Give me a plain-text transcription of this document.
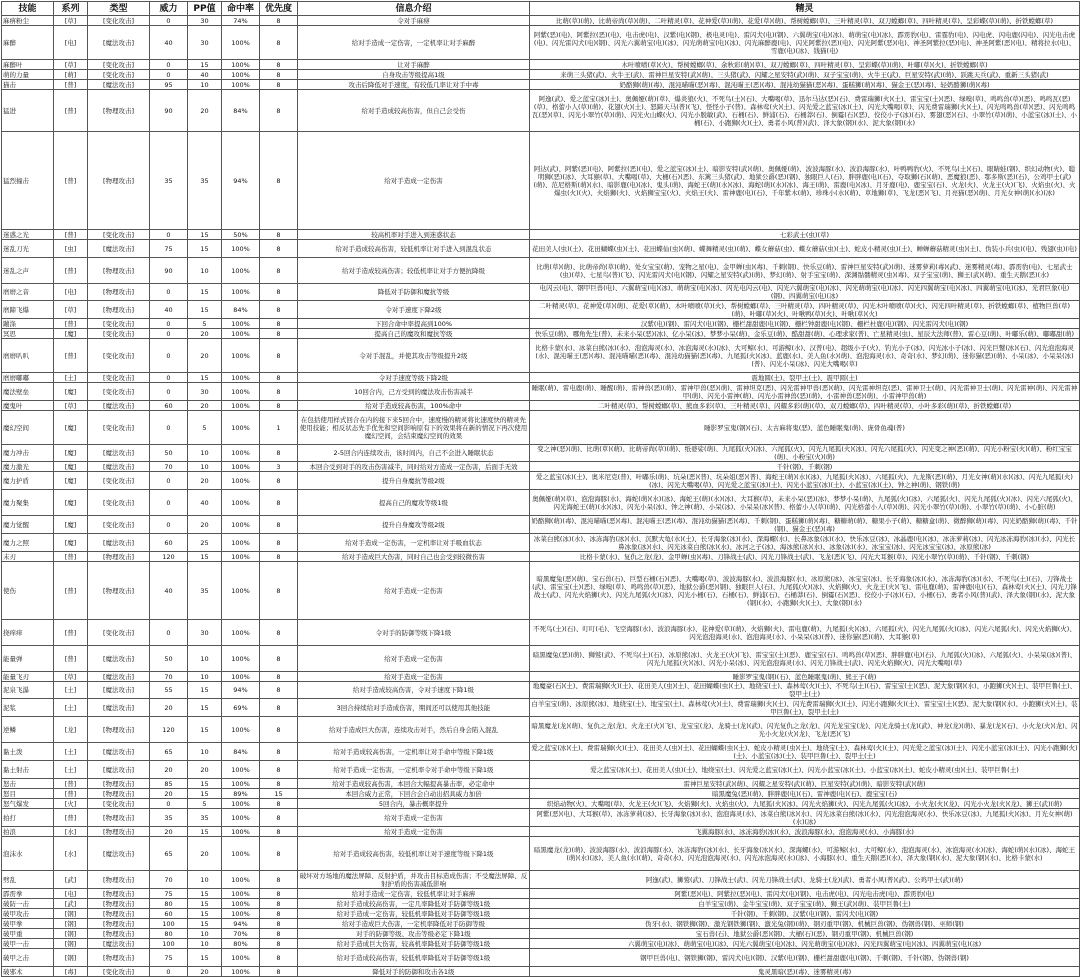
技能	系列	类型	威力	PP值	命中率	优先度	信息介绍	精灵
麻痹粉尘	[草]	[变化攻击]	0	30	74%	8	令对手麻痹	比萌(草)(萌)、比萌帝尚(草)(萌)、二叶精灵(草)、花神爱(草)(萌)、花爱(草)(萌)、帮树螳螂(草)、三叶精灵(草)、双刀螳螂(草)、四叶精灵(草)、呈彩蝶(草)(萌)、折铁螳螂(草)
麻醉	[电]	[魔法攻击]	40	30	100%	8	给对手造成一定伤害，一定机率让对手麻醉	阿紫(恶)(电)、阿紫拉(恶)(电)、电击虎(电)、汉紫(电)(钢)、极电灵(电)、雷闪犬(电)(钢)、六翼萌宝(电)(冰)、萌萌宝(电)(冰)、霹雳豹(电)、雷霆豹(电)、闪电虎、闪电鹿(闪电)、闪光电击虎(电)、闪光雷闪犬(电)(钢)、闪光六翼萌宝(电)(冰)、闪光萌萌宝(电)(冰)、闪光麻醉鹿(电)、闪光阿紫拉(恶)(电)、闪光阿紫(恶)(电)、神圣阿紫拉(恶)(电)、神圣阿紫(恶)(电)、精将拉水(电)、雪鹿(电)(冰)、钱猫(电)
麻醉叶	[草]	[变化攻击]	0	15	100%	8	让对手麻醉	木叶喷喷(草)(火)、帮树螳螂(草)、余秋彩(萌)(草)、双刀螳螂(草)、四叶精灵(草)、呈彩蝶(草)(萌)、叶嘟(草)(火)、折铁螳螂(草)
萌的力量	[萌]	[变化攻击]	0	40	100%	8	自身攻击等级提高1级	来萌三头猪(武)、火牛王(武)、雷神巨星安特(武)(萌)、三头猪(武)、闪耀之星安特(武)(萌)、双子宝宝(萌)、火牛王(武)、巨星安特(武)(萌)、跃跳天兵(武)、重新三头猪(武)
猫击	[普]	[魔法攻击]	95	10	100%	8	攻击后降低对手速度，有较低几率让对手中毒	奶酪狮(萌)(毒)、混沌喵喵(恶)(毒)、混沌喵王(恶)(毒)、混沌幼猫猫(恶)(毒)、蛋糕狮(萌)(毒)、猫金王(恶)(毒)、轻奶酪狮(萌)(毒)
猛进	[普]	[物理攻击]	90	20	84%	8	给对手造成较高伤害，但自己会受伤	阿逸(武)、爱之蓝宝(冰)(土)、奥佩娅(萌)(草)、爆炎狼(火)、不死鸟(土)(石)、大嘴喝(草)、迅尔马达(恶)(石)、费雷瑞狮(火)(土)、雷宝宝(土)(恶)、绿嗅(草)、鸣鸣兽(草)(恶)、鸣鸣瓦(恶)(草)、格蕾小人(草)(萌)、花翅(火)(土)、怒蹄天马(普)(飞)、怪怪小子(普)、森林莺(火)(土)、闪光爱之蓝宝(冰)(土)、闪光大嘴喝(草)、闪光费雷瑞狮(火)(土)、闪光鸣鸣兽(草)(恶)、闪光鸣鸣瓦(恶)(草)、闪光小翠竹(草)(萌)、闪光火山蝶(火)、闪光小脱敏(武)、石桶(石)、鲜浦(石)、石桶莽(石)、倒霉(石)(恶)、佼佼小子(冰)(石)、雾翅(恶)(石)、小翠竹(草)(萌)、小蓝宝(冰)(土)、小桶(石)、小跑狮(火)(土)、勇者小风(普)(武)、泽大象(钢)(水)、泥大象(钢)(水)
猛烈撞击	[普]	[物理攻击]	35	35	94%	8	给对手造成一定伤害	阿达(武)、阿紫(恶)(电)、阿紫拉(恶)(电)、爱之蓝宝(冰)(土)、暗影安特(武)(萌)、奥佩娅(萌)、波波海豚(水)、波浪海豚(水)、叶鸭鸭豹(火)、不死鸟(土)(石)、眼睛蛙(钢)、织幻动物(火)、聪明狮(恶)(冰)、大耳猴(草)、大嘴喝(草)、大桶(石)(恶)、东篱三头猪(武)、地狱公爵(恶)(钢)、独眼巨人(石)、胖胖鹿(电)(石)、夺取狮(石)(萌)、恶魔狼(恶)、鄂多斯(恶)(石)、公鸡甲士(武)(萌)、范尼格斯(萌)(水)、暗影鹿(电)(冰)、鬼头(萌)、海蛇王(萌)(水)(冰)、海蛇(萌)(水)(冰)、海王(萌)、雷鹿(电)(冰)、月牙鹿(电)、鹿宝宝(石)、火龙(火)、火龙王(火)(飞)、火焰虫(火)、火爆虫(火)(火)、火焰狮(火)、火焰狮宝宝(火)、火焰王(火)、雷神鹿(电)(石)、千年紫木(萌)、珍珠小(水)(萌)、草地狮(草)、飞龙(恶)(飞)、月亮猫(恶)(萌)、月光女神(萌)(水)(冰)
迷惑之光	[普]	[变化攻击]	0	15	50%	8	较高机率对手进入到迷惑状态	七彩武士(虫)(草)
迷乱刀光	[虫]	[魔法攻击]	75	15	100%	8	给对手造成较高伤害，较低机率让对手进入到混乱状态	花田美人(虫)(土)、花田蝴蝶(虫)(土)、花田蝶仙(虫)(萌)、蝶舞精灵(虫)(萌)、蝶女蘑菇(虫)、蝶女蘑菇(虫)(土)、蛇皮小精灵(虫)(土)、蝉蝉蘑菇精灵(虫)(土)、伪装小兵(虫)(电)、残翅(虫)(电)
迷乱之声	[普]	[物理攻击]	90	10	100%	8	给对手造成较高伤害；较低机率让对手方便抗降级	比萌(草)(萌)、比萌帝尚(草)(萌)、处女宝宝(萌)、宠物之星(电)、金甲蝉(虫)(毒)、千刺(钢)、快乐豆(萌)、雷神巨星安特(武)(萌)、迷雾萝莉(毒)(武)、迷雾精灵(毒)、霹雳豹(电)、七星武士(虫)(草)、七星鸟(普)(飞)、闪光雷闪犬(电)(钢)、闪耀之星安特(武)(萌)、梦幻(萌)、射手宝宝(萌)、深渊骷髅精灵(虫)(毒)、双子宝宝(萌)、狮王(武)(萌)、重生天鹅(恶)(水)
磨磨之音	[电]	[物理攻击]	0	15	100%	8	降低对手防御和魔抗等级	电闪云(电)、钢甲巨兽(电)、六翼萌宝(电)(冰)、萌萌宝(电)(冰)、闪光电闪云(电)、闪光六翼萌宝(电)(冰)、闪光萌萌宝(电)(冰)、闪光四翼萌宝(电)(冰)、四翼萌宝(电)(冰)、光君巨象(电)(钢)、四翼萌宝(电)(冰)
磨蹄飞爆	[草]	[物理攻击]	40	15	84%	8	令对手速度下降2级	二叶精灵(草)、花神爱(草)(萌)、花爱(草)(萌)、木叶喷喷(草)(火)、帮树螳螂(草)、三叶精灵(草)、四叶精灵(草)、闪光木叶喷喷(草)(火)、闪光四叶精灵(草)、折铁螳螂(草)、植物巨兽(草)(萌)、叶嘟(草)(火)、叶啾鸭(草)(火)、叶啾(草)(火)
蹦涤	[普]	[变化攻击]	0	5	100%	8	下回合命中率提高到100%	汉紫(电)(钢)、雷闪犬(电)(钢)、栅栏甜甜鹿(电)(钢)、栅栏钟甜鹿(电)(钢)、栅栏杜鹿(电)(钢)、闪光雷闪犬(电)(钢)
冥思	[魔]	[变化攻击]	0	20	100%	8	提高自己的魔攻和魔抗等级	快乐豆(萌)、哪角先生(普)、未来小呆(恶)(冰)、亿小呆(冰)、梦梦小呆(萌)、金乐豆(萌)、酷甜甜(萌)、心理求家(普)、亡星精灵(虫)、星辰大法师(普)、雷心豆(萌)、叶嘟乐(萌)、嘟嘟甜(萌)
磨磨叭叭	[普]	[变化攻击]	0	20	100%	8	令对手混乱，并使其攻击等级提升2级	比格卡蒙(水)、冰菜白熊(冰)(水)、泡泡海灵(水)、冰泡海灵(水)(冰)、大可鲸(水)、可游鲸(水)、汉普(电)、超级小子(火)、钓光小子(冰)、闪光冰小子(冰)、闪光巨蟹(冰)(石)、闪光泡泡海灵(水)、混沌喵王(恶)(毒)、混沌喵喵(恶)(毒)、混沌幼猫猫(恶)(毒)、九尾狐(火)(冰)、蓝鹿(水)、美人鱼(水)(萌)、泡泡海灵(水)、奇奇(水)、梦幻(萌)、迷你猫(恶)(萌)、小呆(冰)、小呆呆(冰)(普)、闪光小呆(冰)、闪光大嘴喝(草)
磨磨嘟嘟	[土]	[变化攻击]	0	15	100%	8	令对手速度等级下降2级	震地圆(土)、裂甲土(土)、震甲圆(土)
魔法壁垒	[魔]	[变化攻击]	0	30	100%	8	10回合内，己方受到的魔法攻击伤害减半	睡眠(萌)、雷电鹿(萌)、睡醒(萌)、雷神兽(恶)(萌)、雷神甲兽(恶)(萌)、雷神坦克(恶)、闪光雷神甲兽(恶)(萌)、闪光雷神坦克(恶)、雷神卫士(萌)、闪光雷神卫士(萌)、闪光雷神(萌)、闪光雷神甲(萌)、闪光小雷神(萌)、闪光小雷神兽(恶)(萌)、小雷神兽(恶)(萌)、小雷神甲兽(萌)
魔鬼叶	[草]	[魔法攻击]	60	20	100%	8	给对手造成较高伤害，100%命中	二叶精灵(草)、帮树螳螂(草)、熊血多彩(草)、三叶精灵(草)、闪耀多彩(萌)(草)、双刀螳螂(草)、四叶精灵(草)、小叶多彩(萌)(草)、折铁螳螂(草)
魔幻空间	[魔]	[变化攻击]	0	5	100%	1	在包括使用样式回合在内的接下来5回合中，速度慢的精灵将比速度快的精灵先使用技能；相反状态先手优先和空间影响原有下的效果将在新的情况下再次使用魔幻空间，会结束魔幻空间的效果	睡影罗宝鬼(钢)(石)、太古麻将鬼(恶)、蓝色睡眠鬼(萌)、庞骨鱼魂(普)
魔力冲击	[魔]	[魔法攻击]	50	10	100%	8	2-5回合内连续攻击，该时间内，自己不会进入睡眠状态	变之神(恶)(萌)、比萌(草)(萌)、比萌帝尚(草)(萌)、纸婆娑(萌)、九尾狐(火)(冰)、六尾狐(火)、闪光九尾狐(火)(冰)、闪光六尾狐(火)、闪光变之神(恶)(萌)、闪光小粉宝(火)(萌)、粉红宝宝(萌)、小粉宝(火)(萌)
魔力激光	[魔]	[魔法攻击]	70	10	100%	3	本回合受到对手的攻击伤害减半，同时给对方造成一定伤害，后面手无效	千针(钢)、千刺(钢)
魔力护盾	[魔]	[变化攻击]	0	20	100%	8	提升自身魔抗等级2级	爱之蓝宝(冰)(土)、奥米尼克(普)、叶嘟乐(萌)、坑朵(恶)(普)、坑朵姐(恶)(普)、海蛇王(萌)(水)(冰)、九尾狐(火)(冰)、六尾狐(火)、九龙斯(恶)(萌)、月光女神(萌)(水)(冰)、闪光九尾狐(火)(冰)、闪光大嘴喝(草)、闪光爱之蓝宝(冰)(土)、闪光小蓝宝(冰)(土)、小蓝宝(冰)(土)、钟之神(萌)、钢铁(萌)
魔力聚集	[魔]	[变化攻击]	0	40	100%	8	提高自己的魔攻等级1级	奥佩娅(萌)(草)、泡泡海豚(水)、海蛇(萌)(水)(冰)、海蛇王(萌)(水)(冰)、大耳猴(草)、未来小呆(恶)(冰)、梦梦小呆(萌)、九尾狐(火)(冰)、六尾狐(火)、闪光九尾狐(火)(冰)、闪光六尾狐(火)、闪光海蛇王(萌)(水)(冰)、闪光小呆(冰)、钟之神(萌)、小呆(冰)、小呆呆(冰)(普)、格蕾小人(草)(萌)、闪光格蕾小人(草)(萌)、闪光小翠竹(草)(萌)、小翠竹(草)(萌)、小心脏(萌)
魔力觉醒	[魔]	[变化攻击]	0	20	100%	8	提升自身魔攻等级2级	奶酪狮(萌)(毒)、混沌喵喵(恶)(毒)、混沌喵王(恶)(毒)、混沌幼猫猫(恶)(毒)、千刺(钢)、蛋糕狮(萌)(毒)、糖糖萌(萌)、糖果小子(萌)、糖糖盒(萌)、微醉狮(萌)(毒)、闪光奶酪狮(萌)(毒)、千针(钢)、猫金王(恶)(毒)
魔力之照	[魔]	[魔法攻击]	60	25	100%	8	给对手造成一定伤害，一定机率让对手吸血状态	冰菜白熊(冰)(水)、冰冻海豹(冰)(水)、沉默大龟(水)(土)、长牙海象(冰)(水)、深海螺(水)、长鼻冰象(冰)(水)、快乐冰豆(冰)、冰晶鹿(电)(冰)、冰冻萝莉(冰)、闪光冰冻海豹(冰)(水)、闪光长鼻冰象(冰)(水)、闪光冰菜白熊(冰)(水)、冰河之子(冰)、海冰熊(冰)(水)、冰象(冰)(水)、冰宝宝(冰)、闪光冰宝宝(冰)、冰原熊(冰)
末刃	[普]	[物理攻击]	120	15	100%	8	给对手造成巨大伤害，同时自己也会受到较微伤害	比格卡蒙(水)、复仇之龙(龙)、金甲蝉(虫)(毒)、刀锋战士(武)、闪光刀锋战士(武)、飞龙(恶)(飞)、闪光大耳猴(草)、闪光小翠竹(草)(萌)、千针(钢)、千刺(钢)
使伤	[普]	[物理攻击]	40	35	100%	8	给对手造成一定伤害	暗黑魔兔(恶)(萌)、宝石兽(石)、巨型石桶(石)(恶)、大嘴喝(草)、波波海豚(水)、波浪海豚(水)、冰原熊(冰)、冰宝宝(冰)、长牙海象(冰)(水)、冰冻海豹(冰)(水)、不死鸟(土)(石)、刀锋战士(武)、雷宝宝(土)(恶)、绿嗅(草)、鸣鸣兽(草)(恶)、地狱公爵(恶)(钢)、独眼巨人(石)、九尾狐(火)(冰)、火焰狮(火)、火龙王(火)(飞)、雷电鹿(萌)、雷神鹿(电)(石)、森林莺(火)(土)、闪光刀锋战士(武)、闪光火焰狮(火)、闪光九尾狐(火)(冰)、闪光小桶(石)、石桶(石)、鲜浦(石)、石桶莽(石)、倒霉(石)(恶)、佼佼小子(冰)(石)、小桶(石)、勇者小风(普)(武)、泽大象(钢)(水)、泥大象(钢)(水)、小跑狮(火)(土)、大象(钢)(水)
挠痒痒	[普]	[变化攻击]	0	30	100%	8	令对手的防御等级下降1级	不死鸟(土)(石)、叮叮(毛)、飞空海豚(水)、波浪海豚(水)、花神爱(草)(萌)、火焰狮(火)、雷电鹿(萌)、九尾狐(火)(冰)、六尾狐(火)、闪光九尾狐(火)(冰)、闪光六尾狐(火)、闪光火焰狮(火)、闪光泡泡海灵(水)、泡泡海灵(水)、小呆呆(冰)(普)、迷你猫(恶)(萌)、大耳猴(草)
能量弹	[普]	[魔法攻击]	50	10	100%	8	给对手造成一定伤害	暗黑魔兔(恶)(萌)、狮鹫(武)、不死鸟(土)(石)、冰原熊(冰)、火龙王(火)(飞)、雷宝宝(土)(恶)、鹿宝宝(石)、鸣鸣兽(草)(恶)、胖胖鹿(电)(石)、九尾狐(火)(冰)、六尾狐(火)、小呆呆(冰)(普)、闪光九尾狐(火)(冰)、闪光小呆(冰)、闪光泡泡海灵(水)、闪光刀锋战士(武)、闪光火焰狮(火)、闪光大嘴喝(草)
能量飞刃	[草]	[魔法攻击]	70	10	100%	8	给对手造成一定伤害	睡影罗宝鬼(钢)(石)、蓝色睡眠鬼(萌)、熊王子(萌)
泥泉飞瀑	[土]	[魔法攻击]	55	15	94%	8	给对手造成较高伤害，令对手速度下降1级	地魔豪(石)(土)、费雷瑞狮(火)(土)、花田美人(虫)(土)、花田蝴蝶(虫)(土)、地绕宝(土)、森林莺(火)(土)、不死鸟(土)(石)、雷宝宝(土)(恶)、泥大象(钢)(水)、小跑狮(火)(土)、装甲巨鲁(土)、裂甲土(土)
泥浆	[土]	[魔法攻击]	20	15	69%	8	3回合持续给对手造成伤害，期间还可以使用其他技能	白羊宝宝(萌)、冰原熊(冰)、地绕宝(土)、地宝宝(土)、森林莺(火)(土)、费雷瑞狮(火)(土)、闪光费雷瑞狮(火)(土)、闪光小跑狮(火)(土)、雷宝宝(土)(恶)、泥大象(钢)(水)、小跑狮(火)(土)、装甲巨鲁(土)、裂甲土(土)
逆鳞	[龙]	[物理攻击]	120	15	100%	8	给对手造成巨大伤害，连续攻击对手，然后自身会陷入混乱	暗黑魔龙(龙)(萌)、复仇之龙(龙)、火龙王(火)(飞)、龙宝宝(龙)、龙骑士(龙)(武)、闪光复仇之龙(龙)、闪光龙宝宝(龙)、闪光龙骑士(龙)(武)、神龙(龙)(萌)、暴龙(龙)(石)、小火龙(火)(龙)、闪光小火龙(火)(龙)、飞龙(恶)(飞)
黏土泼	[土]	[魔法攻击]	65	10	84%	8	给对手造成较高伤害，一定机率让对手命中等级下降1级	爱之蓝宝(冰)(土)、费雷瑞狮(火)(土)、花田美人(虫)(土)、花田蝴蝶(虫)(土)、蛇皮小精灵(虫)(土)、地绕宝(土)、森林莺(火)(土)、闪光爱之蓝宝(冰)(土)、闪光小蓝宝(冰)(土)、闪光小跑狮(火)(土)、小蓝宝(冰)(土)、装甲巨鲁(土)、裂甲土(土)
黏土射击	[土]	[魔法攻击]	20	20	100%	8	给对手造成一定伤害，一定机率令对手命中等级下降1级	爱之蓝宝(冰)(土)、花田美人(虫)(土)、地绕宝(土)、闪光爱之蓝宝(冰)(土)、闪光小蓝宝(冰)(土)、小蓝宝(冰)(土)、蛇皮小精灵(虫)(土)、装甲巨鲁(土)
怒击	[普]	[物理攻击]	85	15	100%	8	给对手造成较高伤害，本回合大幅提高暴击率，必定命中	雷神巨星安特(武)(萌)、闪耀之星安特(武)(萌)、巨星安特(武)(萌)、暗影安特(武)(萌)
怒目	[普]	[物理攻击]	20	15	89%	15	本回合威力正常，下回合会自动出招具威力加倍	暗黑魔兔(恶)(萌)、胖胖鹿(电)(石)、雷神鹿(电)(石)、鹿宝宝(石)
怒气爆发	[火]	[变化攻击]	0	5	100%	8	5回合内，暴击概率提升	织焰动物(火)、大嘴喝(草)、火龙王(火)(飞)、火焰狮(火)、火焰虫(火)、九尾狐(火)(冰)、闪光火焰狮(火)、闪光九尾狐(火)(冰)、小火龙(火)(龙)、闪光小火龙(火)(龙)、狮王(武)(萌)
拍打	[普]	[物理攻击]	35	35	100%	8	给对手造成一定伤害	阿紫(恶)(电)、大耳猴(草)、冰冻萝莉(冰)、长牙海象(冰)(水)、泡泡海灵(水)、冰菜白熊(冰)(水)、闪光冰菜白熊(冰)(水)、闪光泡泡海灵(水)、快乐冰豆(冰)、九尾狐(火)(冰)、月光女神(萌)(水)(冰)
拍浪	[水]	[物理攻击]	20	15	100%	8	给对手造成一定伤害	飞翼海豚(水)、冰冻海豹(冰)(水)、波浪海豚(水)、泡泡海灵(水)、小海豚(水)
泡沫水	[水]	[魔法攻击]	65	20	100%	8	给对手造成较高伤害，较低机率让对手速度等级下降1级	暗黑魔龙(龙)(萌)、波波海豚(水)、波浪海豚(水)、冰冻海豹(冰)(水)、长牙海象(冰)(水)、深海螺(水)、可游鲸(水)、大可鲸(水)、泡泡海灵(水)、冰泡海灵(水)(冰)、海蛇(萌)(水)(冰)、海蛇王(萌)(水)(冰)、美人鱼(水)(萌)、奇奇(水)、闪光泡泡海灵(水)、闪光冰泡海灵(水)(冰)、小海豚(水)、重生天鹅(恶)(水)、泽大象(钢)(水)、泥大象(钢)(水)、比格卡蒙(水)
劈乱	[武]	[物理攻击]	70	10	100%	8	破坏对方场地的魔法屏障、反射护盾，并攻击目标造成伤害；不受魔法屏障、反射护盾的伤害减低影响	阿逸(武)、狮鹫(武)、刀锋战士(武)、闪光刀锋战士(武)、龙骑士(龙)(武)、勇者小风(普)(武)、公鸡甲士(武)(萌)
霹雳拳	[电]	[物理攻击]	75	15	100%	8	给对手造成一定伤害，较低机率让对手麻痹	阿紫(恶)(电)、阿紫拉(恶)(电)、雷闪犬(电)(钢)、电击虎(电)、闪光电击虎(电)、霹雳豹(电)
破防一击	[武]	[物理攻击]	80	15	100%	8	给对手造成较高伤害，一定几率降低对手防御等级1级	白羊宝宝(萌)、金牛宝宝(萌)、双子宝宝(萌)、狮王(武)(萌)、装甲巨鲁(土)
破甲攻击	[钢]	[物理攻击]	60	15	100%	8	给对手造成一定伤害，较低机率降低对手防御等级1级	千针(钢)、千刺(钢)、汉紫(电)(钢)、雷闪犬(电)(钢)
破甲拳	[钢]	[物理攻击]	100	15	94%	8	给对手造成巨大伤害，一定机率降低对手防御等级	伪牙(水)、钢铁狮(钢)、激光钢铁狮(钢)、激光兔(钢)(萌)、钢刃重甲(钢)、机械巨兽(钢)、伪钢兽(钢)、巫师(钢)
破甲重	[钢]	[物理攻击]	80	10	70%	8	对手的防御等级、攻击等级必定下降1级	宝石兽(石)、地狱公爵(恶)(钢)、大桶(石)(恶)、钢刃重甲(钢)、机械巨兽(钢)
破甲一击	[钢]	[魔法攻击]	100	10	80%	8	给对手造成巨大伤害，较高机率降低对手防御等级1级	六翼萌宝(电)(冰)、萌萌宝(电)(冰)、闪光六翼萌宝(电)(冰)、闪光萌萌宝(电)(冰)、闪光四翼萌宝(电)(冰)、四翼萌宝(电)(冰)
破甲之击	[钢]	[物理攻击]	75	15	100%	8	给对手造成较高伤害，较低机率降低对手防御等级1级	钢甲巨兽(电)、钢铁狮(钢)、雷闪犬(电)(钢)、汉紫(电)(钢)、栅栏甜甜鹿(电)(钢)、千刺(钢)、千针(钢)、伪钢兽(钢)
破邪术	[毒]	[变化攻击]	0	20	100%	8	降低对手的防御和攻击各1级	鬼灵黑暗(恶)(毒)、迷雾精灵(毒)
